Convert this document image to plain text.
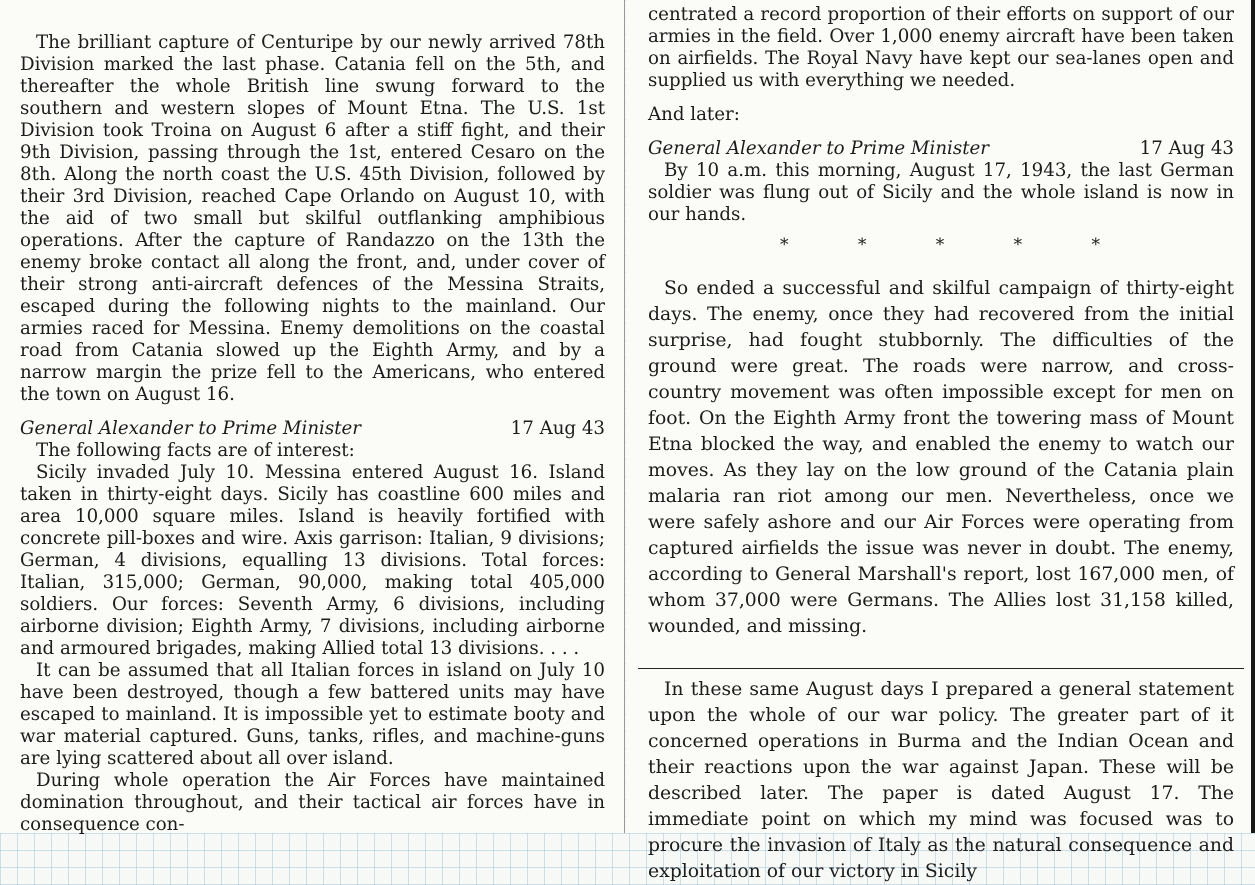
The brilliant capture of Centuripe by our newly arrived 78th Division marked the last phase. Catania fell on the 5th, and thereafter the whole British line swung forward to the southern and western slopes of Mount Etna. The U.S. 1st Division took Troina on August 6 after a stiff fight, and their 9th Division, passing through the 1st, entered Cesaro on the 8th. Along the north coast the U.S. 45th Division, followed by their 3rd Division, reached Cape Orlando on August 10, with the aid of two small but skilful outflanking amphibious operations. After the capture of Randazzo on the 13th the enemy broke contact all along the front, and, under cover of their strong anti-aircraft defences of the Messina Straits, escaped during the following nights to the mainland. Our armies raced for Messina. Enemy demolitions on the coastal road from Catania slowed up the Eighth Army, and by a narrow margin the prize fell to the Americans, who entered the town on August 16.

General Alexander to Prime Minister	17 Aug 43

The following facts are of interest:

Sicily invaded July 10. Messina entered August 16. Island taken in thirty-eight days. Sicily has coastline 600 miles and area 10,000 square miles. Island is heavily fortified with concrete pill-boxes and wire. Axis garrison: Italian, 9 divisions; German, 4 divisions, equalling 13 divisions. Total forces: Italian, 315,000; German, 90,000, making total 405,000 soldiers. Our forces: Seventh Army, 6 divisions, including airborne division; Eighth Army, 7 divisions, including airborne and armoured brigades, making Allied total 13 divisions. . . .

It can be assumed that all Italian forces in island on July 10 have been destroyed, though a few battered units may have escaped to mainland. It is impossible yet to estimate booty and war material captured. Guns, tanks, rifles, and machine-guns are lying scattered about all over island.

During whole operation the Air Forces have maintained domination throughout, and their tactical air forces have in consequence con-

centrated a record proportion of their efforts on support of our armies in the field. Over 1,000 enemy aircraft have been taken on airfields. The Royal Navy have kept our sea-lanes open and supplied us with everything we needed.

And later:

General Alexander to Prime Minister	17 Aug 43

By 10 a.m. this morning, August 17, 1943, the last German soldier was flung out of Sicily and the whole island is now in our hands.

* * * * *

So ended a successful and skilful campaign of thirty-eight days. The enemy, once they had recovered from the initial surprise, had fought stubbornly. The difficulties of the ground were great. The roads were narrow, and cross-country movement was often impossible except for men on foot. On the Eighth Army front the towering mass of Mount Etna blocked the way, and enabled the enemy to watch our moves. As they lay on the low ground of the Catania plain malaria ran riot among our men. Nevertheless, once we were safely ashore and our Air Forces were operating from captured airfields the issue was never in doubt. The enemy, according to General Marshall's report, lost 167,000 men, of whom 37,000 were Germans. The Allies lost 31,158 killed, wounded, and missing.

In these same August days I prepared a general statement upon the whole of our war policy. The greater part of it concerned operations in Burma and the Indian Ocean and their reactions upon the war against Japan. These will be described later. The paper is dated August 17. The immediate point on which my mind was focused was to procure the invasion of Italy as the natural consequence and exploitation of our victory in Sicily
